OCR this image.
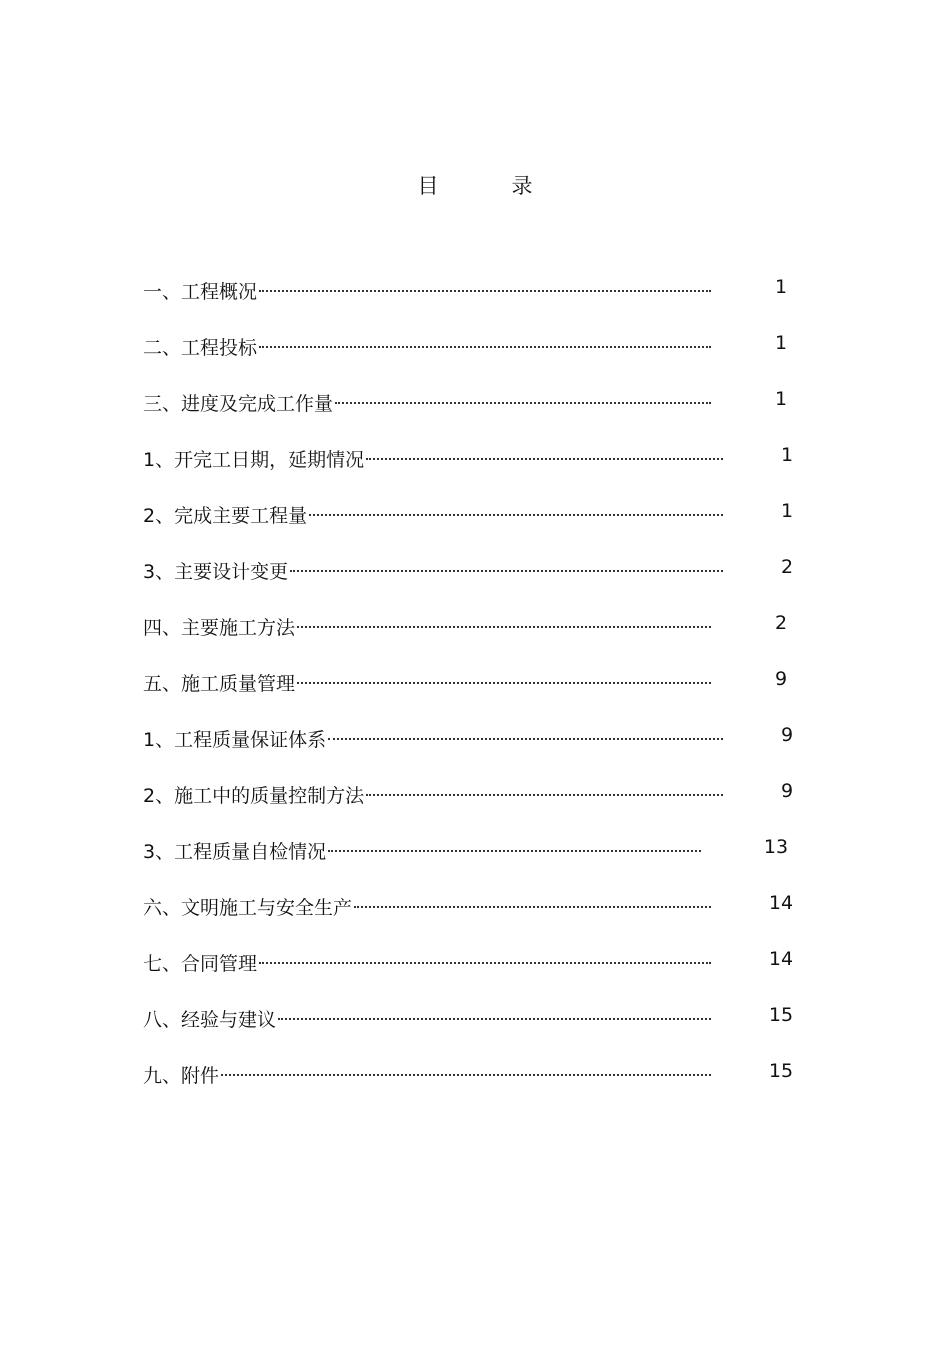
目　录
一、工程概况	1
二、工程投标	1
三、进度及完成工作量	1
1、开完工日期，延期情况	1
2、完成主要工程量	1
3、主要设计变更	2
四、主要施工方法	2
五、施工质量管理	9
1、工程质量保证体系	9
2、施工中的质量控制方法	9
3、工程质量自检情况	13
六、文明施工与安全生产	14
七、合同管理	14
八、经验与建议	15
九、附件	15
